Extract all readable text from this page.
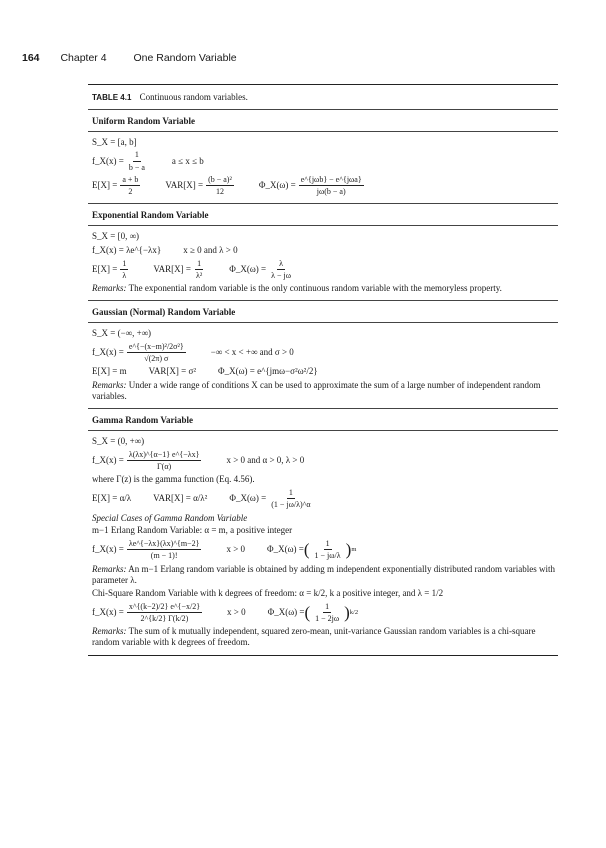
164 Chapter 4	One Random Variable
TABLE 4.1 Continuous random variables.
Uniform Random Variable
S_X = [a, b]
f_X(x) = $\frac{1}{b - a}$	a ≤ x ≤ b
$E[X] = \frac{a + b}{2}$	$VAR[X] = \frac{\text{(b − a)²}}{12}$	Φ_X(ω) = $\frac{\text{e\textasciicircum{}\{jωb\} − e\textasciicircum{}\{jωa\}}}{j\omega(b - a)}$
Exponential Random Variable
S_X = [0, ∞)
f_X(x) = λe^{−λx} x ≥ 0 and λ > 0
$E[X] = \frac{1}{\lambda}$	$VAR[X] = \frac{1}{\text{λ²}}$	Φ_X(ω) = $\frac{\lambda}{\lambda - j\omega}$
Remarks: The exponential random variable is the only continuous random variable with the memoryless property.
Gaussian (Normal) Random Variable
S_X = (−∞, +∞)
f_X(x) = $\frac{\text{e\textasciicircum{}\{−(x−m)²/2σ²\}}}{√(2\pi) \sigma}$	−∞ < x < +∞ and σ > 0
E[X] = m VAR[X] = σ² Φ_X(ω) = e^{jmω−σ²ω²/2}
Remarks: Under a wide range of conditions X can be used to approximate the sum of a large number of independent random variables.
Gamma Random Variable
S_X = (0, +∞)
f_X(x) = $\frac{\lambda(\lambda x)\^{}\{\alpha-1\} e\^{}\{-\lambda x\}}{\Gamma(\alpha)}$	x > 0 and α > 0, λ > 0
where Γ(z) is the gamma function (Eq. 4.56).
E[X] = α/λ VAR[X] = α/λ² Φ_X(ω) = $\frac{1}{(1 - j\omega/\lambda)\^{}\alpha}$
Special Cases of Gamma Random Variable
m−1 Erlang Random Variable: α = m, a positive integer
f_X(x) = $\frac{\lambda e\^{}\{-\lambda x\}(\lambda x)\^{}\{m-2\}}{(m - 1)!}$	x > 0 Φ_X(ω) = ( $\frac{1}{1 - j\omega/\lambda}$ ) m
Remarks: An m−1 Erlang random variable is obtained by adding m independent exponentially distributed random variables with parameter λ.
Chi-Square Random Variable with k degrees of freedom: α = k/2, k a positive integer, and λ = 1/2
f_X(x) = $\frac{x\^{}\{(k-2)/2\} e\^{}\{-x/2\}}{2\^{}\{k/2\} \Gamma(k/2)}$	x > 0 Φ_X(ω) = ( $\frac{1}{1 - 2j\omega}$ ) k/2
Remarks: The sum of k mutually independent, squared zero-mean, unit-variance Gaussian random variables is a chi-square random variable with k degrees of freedom.
